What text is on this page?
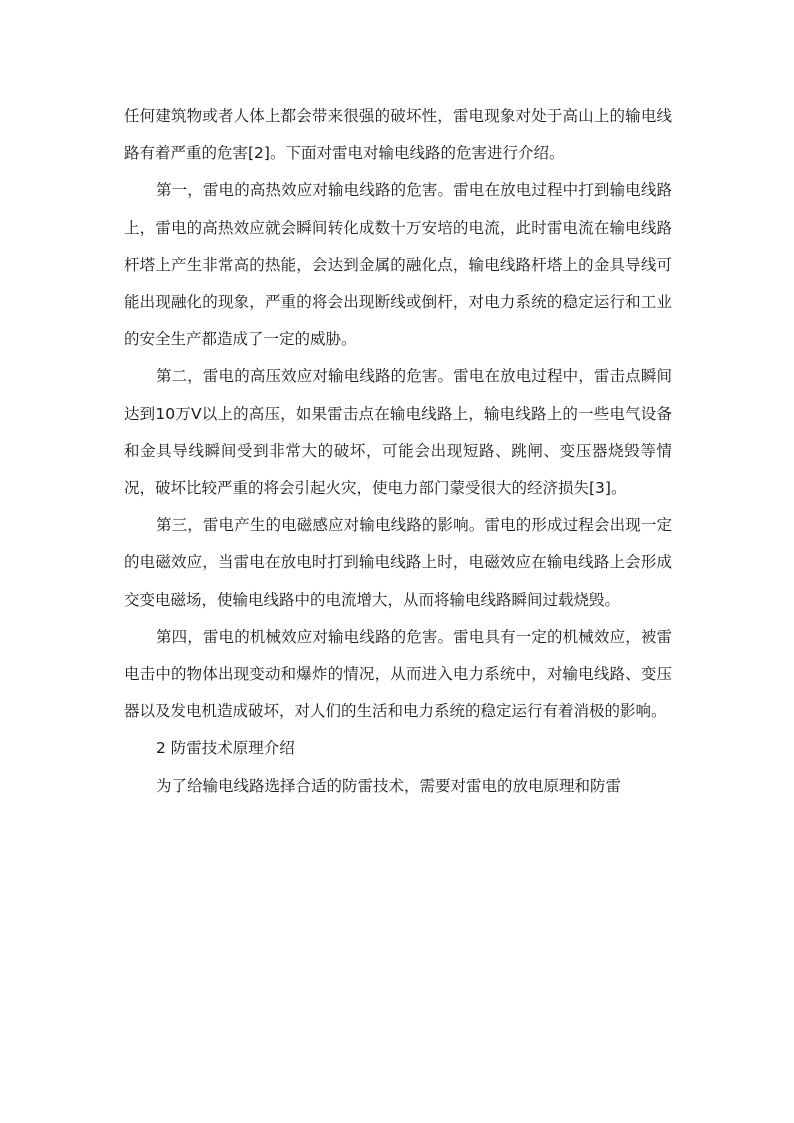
任何建筑物或者人体上都会带来很强的破坏性，雷电现象对处于高山上的输电线路有着严重的危害[2]。下面对雷电对输电线路的危害进行介绍。

第一，雷电的高热效应对输电线路的危害。雷电在放电过程中打到输电线路上，雷电的高热效应就会瞬间转化成数十万安培的电流，此时雷电流在输电线路杆塔上产生非常高的热能，会达到金属的融化点，输电线路杆塔上的金具导线可能出现融化的现象，严重的将会出现断线或倒杆，对电力系统的稳定运行和工业的安全生产都造成了一定的威胁。

第二，雷电的高压效应对输电线路的危害。雷电在放电过程中，雷击点瞬间达到10万V以上的高压，如果雷击点在输电线路上，输电线路上的一些电气设备和金具导线瞬间受到非常大的破坏，可能会出现短路、跳闸、变压器烧毁等情况，破坏比较严重的将会引起火灾，使电力部门蒙受很大的经济损失[3]。

第三，雷电产生的电磁感应对输电线路的影响。雷电的形成过程会出现一定的电磁效应，当雷电在放电时打到输电线路上时，电磁效应在输电线路上会形成交变电磁场，使输电线路中的电流增大，从而将输电线路瞬间过载烧毁。

第四，雷电的机械效应对输电线路的危害。雷电具有一定的机械效应，被雷电击中的物体出现变动和爆炸的情况，从而进入电力系统中，对输电线路、变压器以及发电机造成破坏，对人们的生活和电力系统的稳定运行有着消极的影响。

2 防雷技术原理介绍

为了给输电线路选择合适的防雷技术，需要对雷电的放电原理和防雷
